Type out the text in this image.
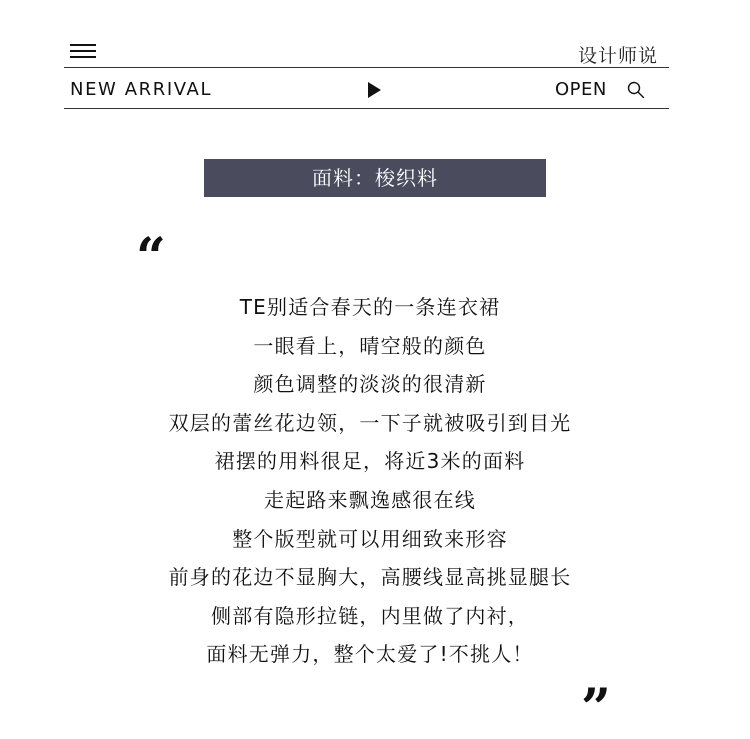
设计师说
NEW ARRIVAL	OPEN
面料：梭织料
“
TE别适合春天的一条连衣裙
一眼看上，晴空般的颜色
颜色调整的淡淡的很清新
双层的蕾丝花边领，一下子就被吸引到目光
裙摆的用料很足，将近3米的面料
走起路来飘逸感很在线
整个版型就可以用细致来形容
前身的花边不显胸大，高腰线显高挑显腿长
侧部有隐形拉链，内里做了内衬，
面料无弹力，整个太爱了!不挑人！
”
